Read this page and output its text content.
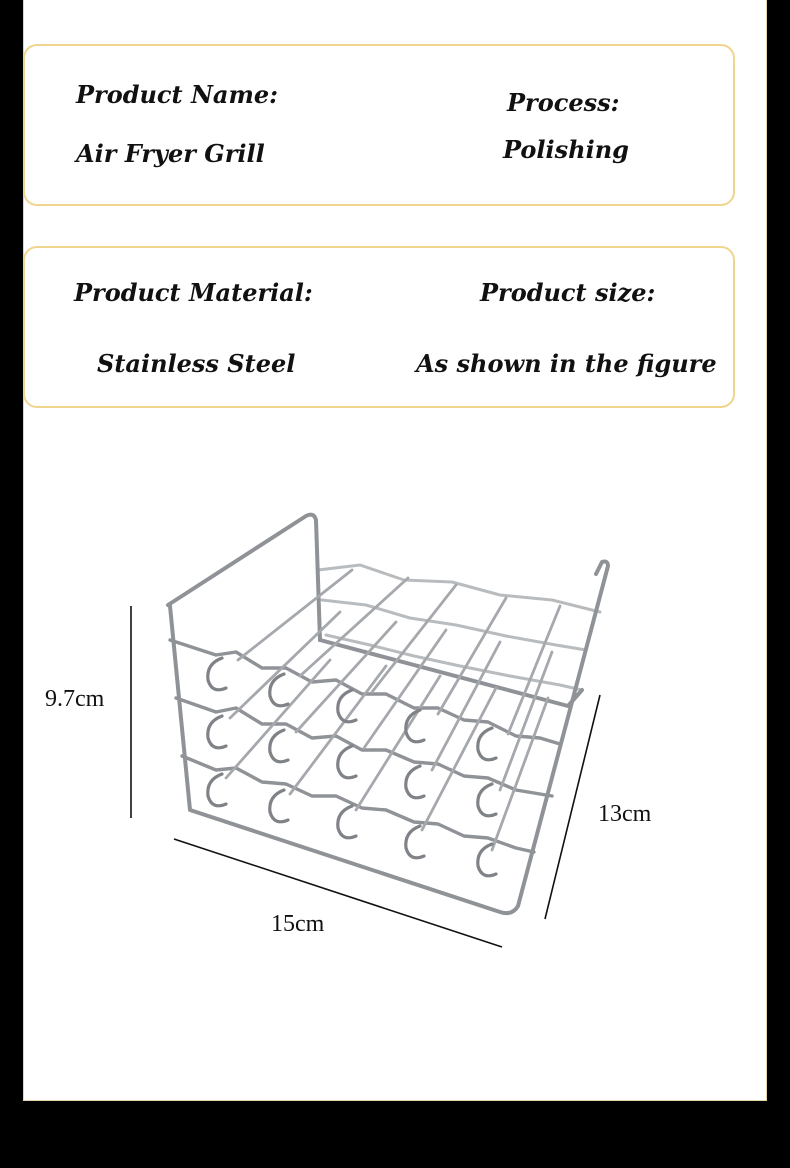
Product Name:
Air Fryer Grill
Process:
Polishing
Product Material:
Stainless Steel
Product size:
As shown in the figure
9.7cm
15cm
13cm
